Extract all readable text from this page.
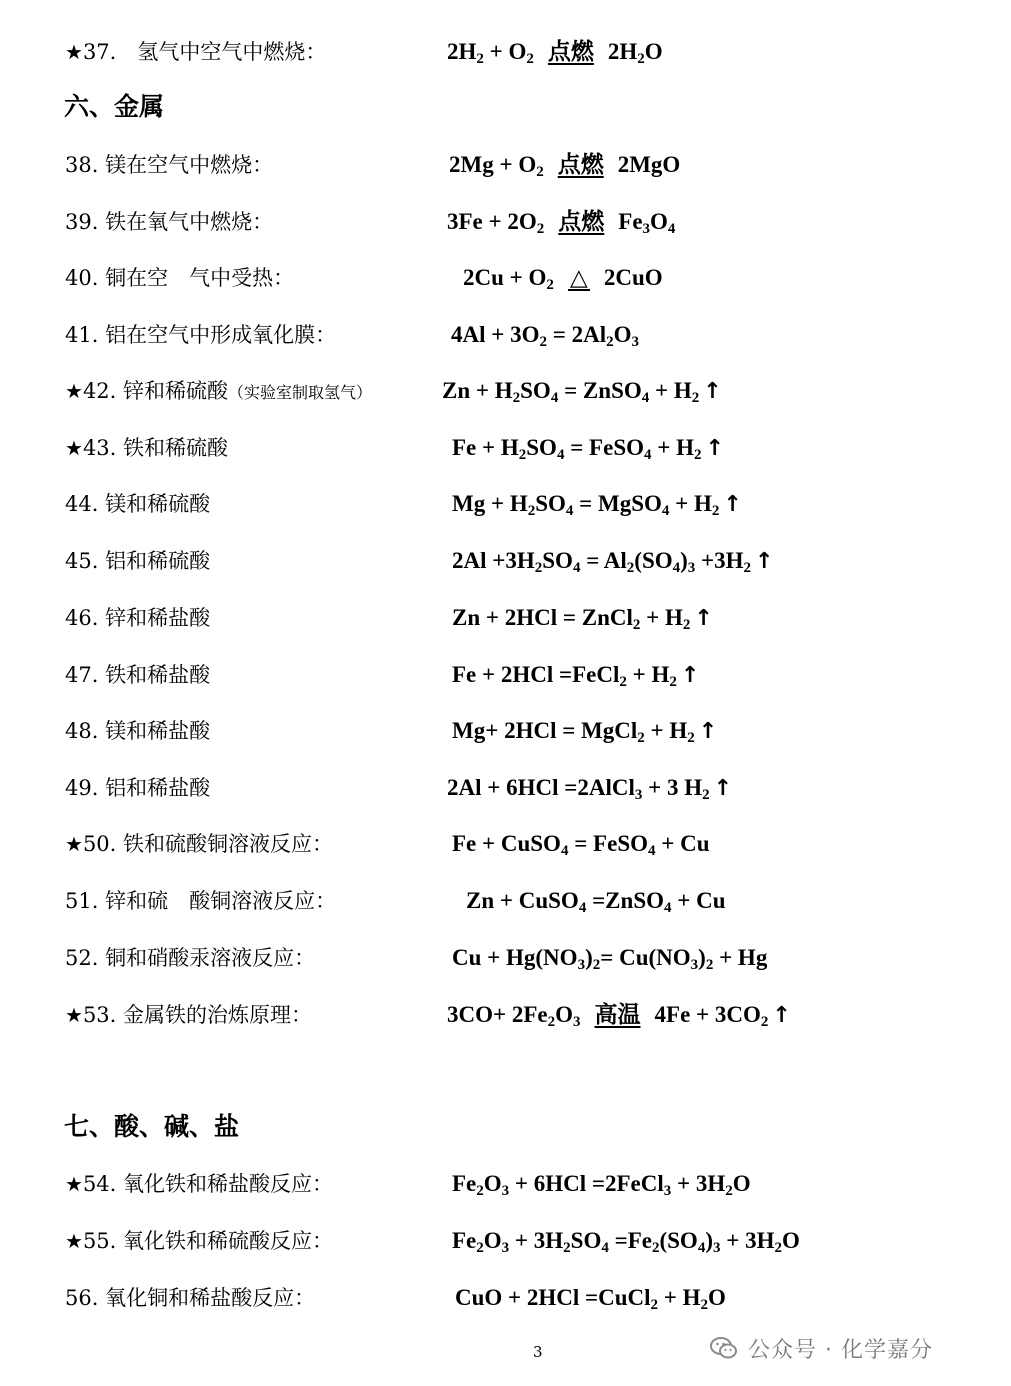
六、金属
七、酸、碱、盐
★37.　氢气中空气中燃烧：	$2H_2 + O_2$ 点燃 $2H_2O$
38. 镁在空气中燃烧：	$2Mg + O_2$ 点燃 2MgO
39. 铁在氧气中燃烧：	$3Fe + 2O_2$ 点燃 $Fe_3O_4$
40. 铜在空　气中受热：	$2Cu + O_2$ △ 2CuO
41. 铝在空气中形成氧化膜：	$4Al + 3O_2 = 2Al_2O_3$
★42. 锌和稀硫酸（实验室制取氢气）	$Zn + H_2SO_4$ = ZnSO$_4$ + $H_2$ ↑
★43. 铁和稀硫酸	$Fe + H_2SO_4$ = FeSO$_4$ + $H_2$ ↑
44. 镁和稀硫酸	$Mg + H_2SO_4$ = MgSO$_4$ + $H_2$ ↑
45. 铝和稀硫酸	$2Al +3H_2SO_4 = Al_2(SO_4)_3 +3H_2$ ↑
46. 锌和稀盐酸	Zn + 2HCl = ZnCl$_2$ + $H_2$ ↑
47. 铁和稀盐酸	Fe + 2HCl =FeCl$_2$ + $H_2$ ↑
48. 镁和稀盐酸	Mg+ 2HCl = MgCl$_2$ + $H_2$ ↑
49. 铝和稀盐酸	2Al + 6HCl =2AlCl$_3$ + 3 $H_2$ ↑
★50. 铁和硫酸铜溶液反应：	Fe + CuSO$_4$ = FeSO$_4$ + Cu
51. 锌和硫　酸铜溶液反应：	Zn + CuSO$_4$ =ZnSO$_4$ + Cu
52. 铜和硝酸汞溶液反应：	$Cu + Hg(NO_3)_2= Cu(NO_3)_2 + Hg$
★53. 金属铁的治炼原理：	$3CO+ 2Fe_2O_3$ 高温 $4Fe + 3CO_2$ ↑
★54. 氧化铁和稀盐酸反应：	$Fe_2O_3 + 6HCl$ =2FeCl$_3$ + $3H_2O$
★55. 氧化铁和稀硫酸反应：	$Fe_2O_3 + 3H_2SO_4 =Fe_2(SO_4)_3 + 3H_2O$
56. 氧化铜和稀盐酸反应：	CuO + 2HCl =CuCl$_2$ + $H_2O$
3	公众号 · 化学嘉分
